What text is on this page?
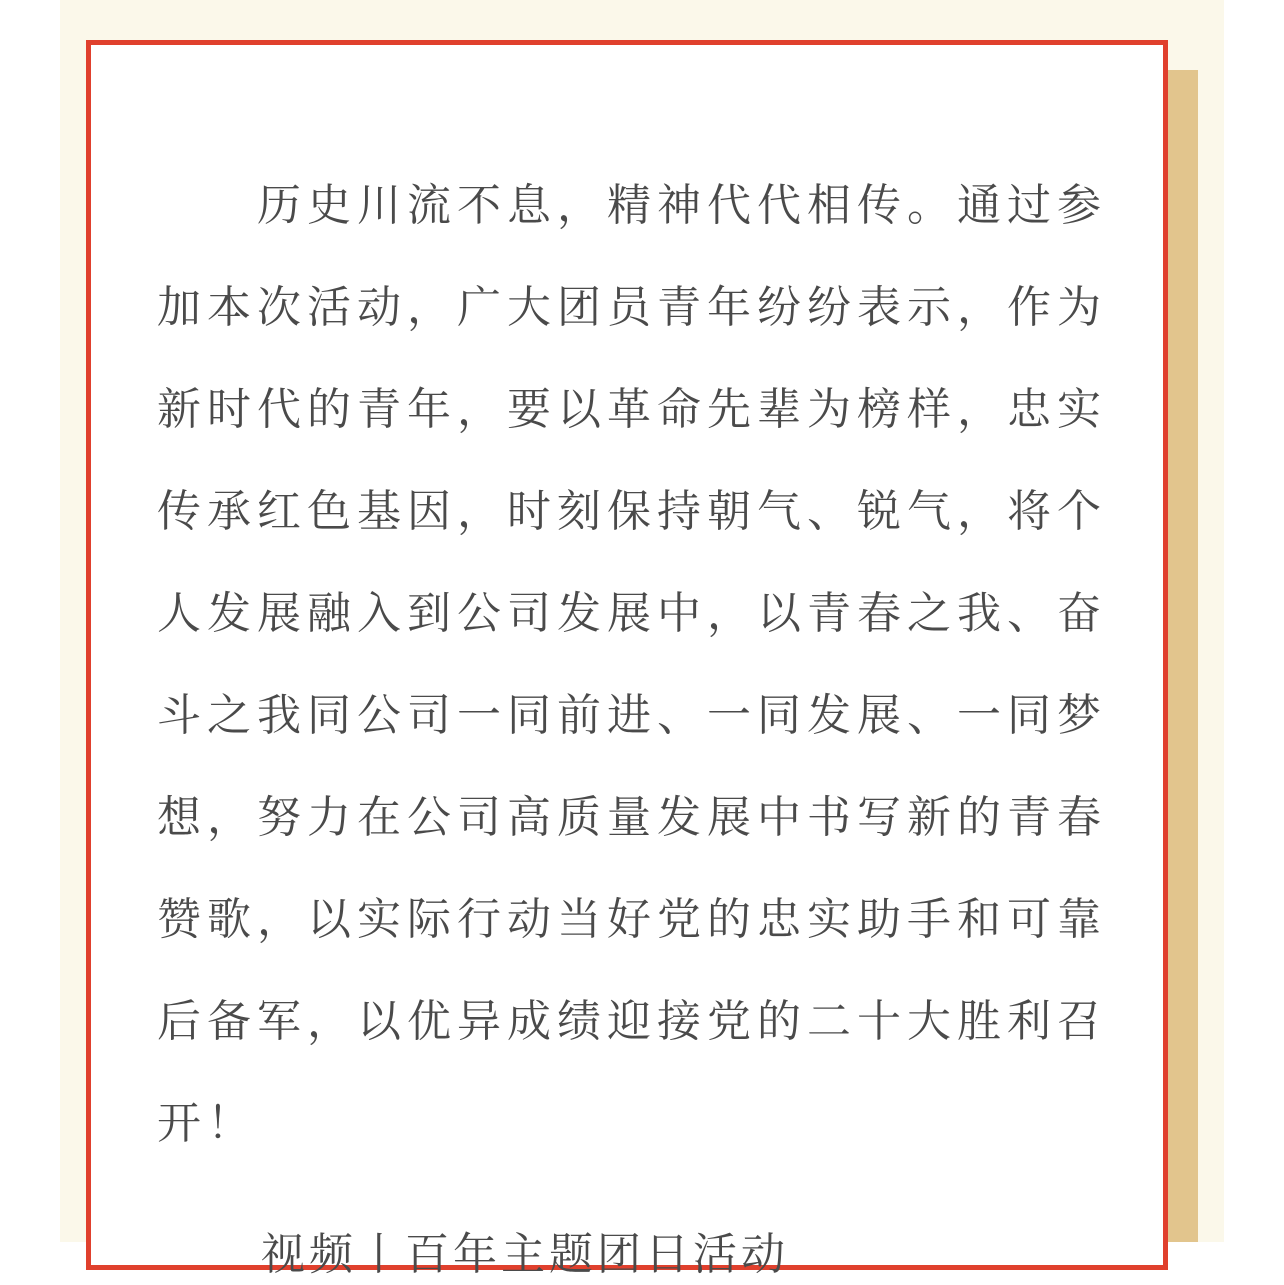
历史川流不息，精神代代相传。通过参加本次活动，广大团员青年纷纷表示，作为新时代的青年，要以革命先辈为榜样，忠实传承红色基因，时刻保持朝气、锐气，将个人发展融入到公司发展中，以青春之我、奋斗之我同公司一同前进、一同发展、一同梦想，努力在公司高质量发展中书写新的青春赞歌，以实际行动当好党的忠实助手和可靠后备军，以优异成绩迎接党的二十大胜利召开！

视频丨百年主题团日活动
